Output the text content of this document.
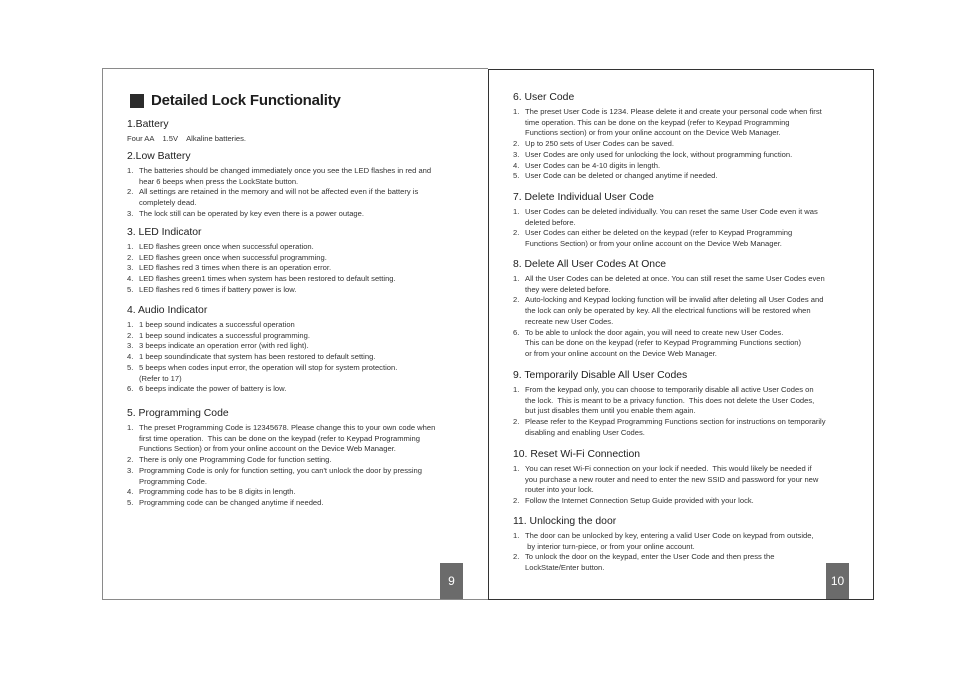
Detailed Lock Functionality
1.Battery
Four AA    1.5V    Alkaline batteries.
2.Low Battery
1. The batteries should be changed immediately once you see the LED flashes in red and
hear 6 beeps when press the LockState button.
2. All settings are retained in the memory and will not be affected even if the battery is
completely dead.
3. The lock still can be operated by key even there is a power outage.
3. LED Indicator
1. LED flashes green once when successful operation.
2. LED flashes green once when successful programming.
3. LED flashes red 3 times when there is an operation error.
4. LED flashes green1 times when system has been restored to default setting.
5. LED flashes red 6 times if battery power is low.
4. Audio Indicator
1. 1 beep sound indicates a successful operation
2. 1 beep sound indicates a successful programming.
3. 3 beeps indicate an operation error (with red light).
4. 1 beep soundindicate that system has been restored to default setting.
5. 5 beeps when codes input error, the operation will stop for system protection.
(Refer to 17)
6. 6 beeps indicate the power of battery is low.
5. Programming Code
1. The preset Programming Code is 12345678. Please change this to your own code when
first time operation.  This can be done on the keypad (refer to Keypad Programming
Functions Section) or from your online account on the Device Web Manager.
2. There is only one Programming Code for function setting.
3. Programming Code is only for function setting, you can't unlock the door by pressing
Programming Code.
4. Programming code has to be 8 digits in length.
5. Programming code can be changed anytime if needed.
9
6. User Code
1. The preset User Code is 1234. Please delete it and create your personal code when first
time operation. This can be done on the keypad (refer to Keypad Programming
Functions section) or from your online account on the Device Web Manager.
2. Up to 250 sets of User Codes can be saved.
3. User Codes are only used for unlocking the lock, without programming function.
4. User Codes can be 4-10 digits in length.
5. User Code can be deleted or changed anytime if needed.
7. Delete Individual User Code
1. User Codes can be deleted individually. You can reset the same User Code even it was
deleted before.
2. User Codes can either be deleted on the keypad (refer to Keypad Programming
Functions Section) or from your online account on the Device Web Manager.
8. Delete All User Codes At Once
1. All the User Codes can be deleted at once. You can still reset the same User Codes even
they were deleted before.
2. Auto-locking and Keypad locking function will be invalid after deleting all User Codes and
the lock can only be operated by key. All the electrical functions will be restored when
recreate new User Codes.
6. To be able to unlock the door again, you will need to create new User Codes.
This can be done on the keypad (refer to Keypad Programming Functions section)
or from your online account on the Device Web Manager.
9. Temporarily Disable All User Codes
1. From the keypad only, you can choose to temporarily disable all active User Codes on
the lock.  This is meant to be a privacy function.  This does not delete the User Codes,
but just disables them until you enable them again.
2. Please refer to the Keypad Programming Functions section for instructions on temporarily
disabling and enabling User Codes.
10. Reset Wi-Fi Connection
1. You can reset Wi-Fi connection on your lock if needed.  This would likely be needed if
you purchase a new router and need to enter the new SSID and password for your new
router into your lock.
2. Follow the Internet Connection Setup Guide provided with your lock.
11. Unlocking the door
1. The door can be unlocked by key, entering a valid User Code on keypad from outside,
by interior turn-piece, or from your online account.
2. To unlock the door on the keypad, enter the User Code and then press the
LockState/Enter button.
10
